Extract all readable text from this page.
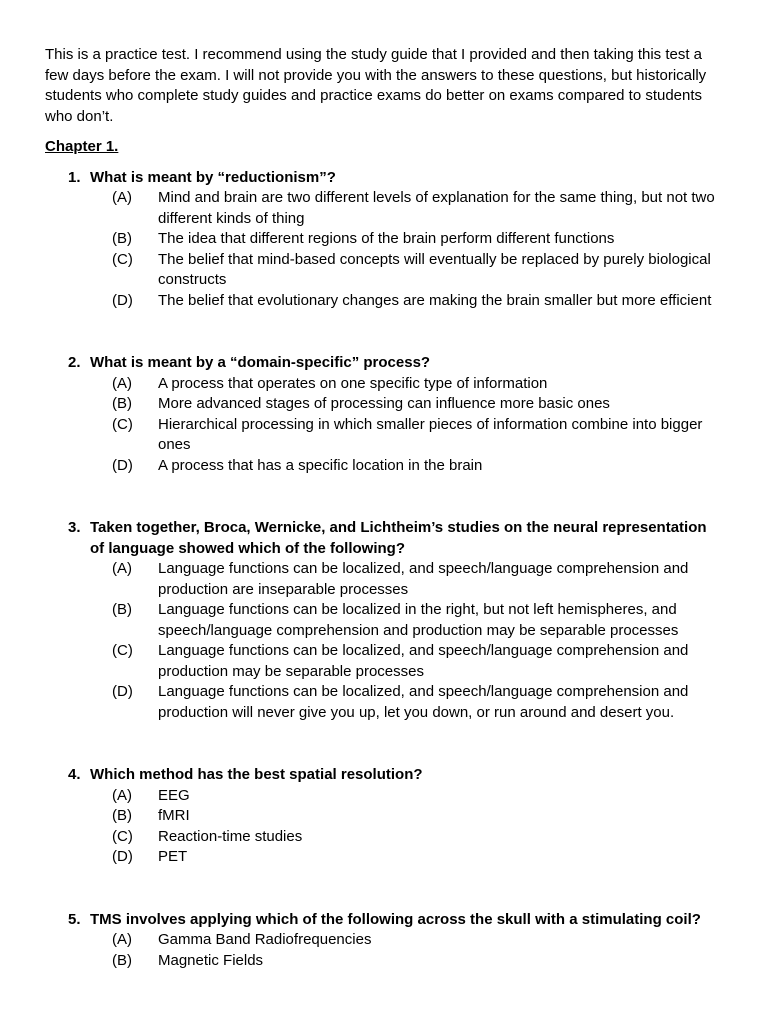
This is a practice test. I recommend using the study guide that I provided and then taking this test a few days before the exam. I will not provide you with the answers to these questions, but historically students who complete study guides and practice exams do better on exams compared to students who don’t.

Chapter 1.
1. What is meant by “reductionism”?
(A)	Mind and brain are two different levels of explanation for the same thing, but not two different kinds of thing
(B)	The idea that different regions of the brain perform different functions
(C)	The belief that mind-based concepts will eventually be replaced by purely biological constructs
(D)	The belief that evolutionary changes are making the brain smaller but more efficient
2. What is meant by a “domain-specific” process?
(A)	A process that operates on one specific type of information
(B)	More advanced stages of processing can influence more basic ones
(C)	Hierarchical processing in which smaller pieces of information combine into bigger ones
(D)	A process that has a specific location in the brain
3. Taken together, Broca, Wernicke, and Lichtheim’s studies on the neural representation of language showed which of the following?
(A)	Language functions can be localized, and speech/language comprehension and production are inseparable processes
(B)	Language functions can be localized in the right, but not left hemispheres, and speech/language comprehension and production may be separable processes
(C)	Language functions can be localized, and speech/language comprehension and production may be separable processes
(D)	Language functions can be localized, and speech/language comprehension and production will never give you up, let you down, or run around and desert you.
4. Which method has the best spatial resolution?
(A)	EEG
(B)	fMRI
(C)	Reaction-time studies
(D)	PET
5. TMS involves applying which of the following across the skull with a stimulating coil?
(A)	Gamma Band Radiofrequencies
(B)	Magnetic Fields
